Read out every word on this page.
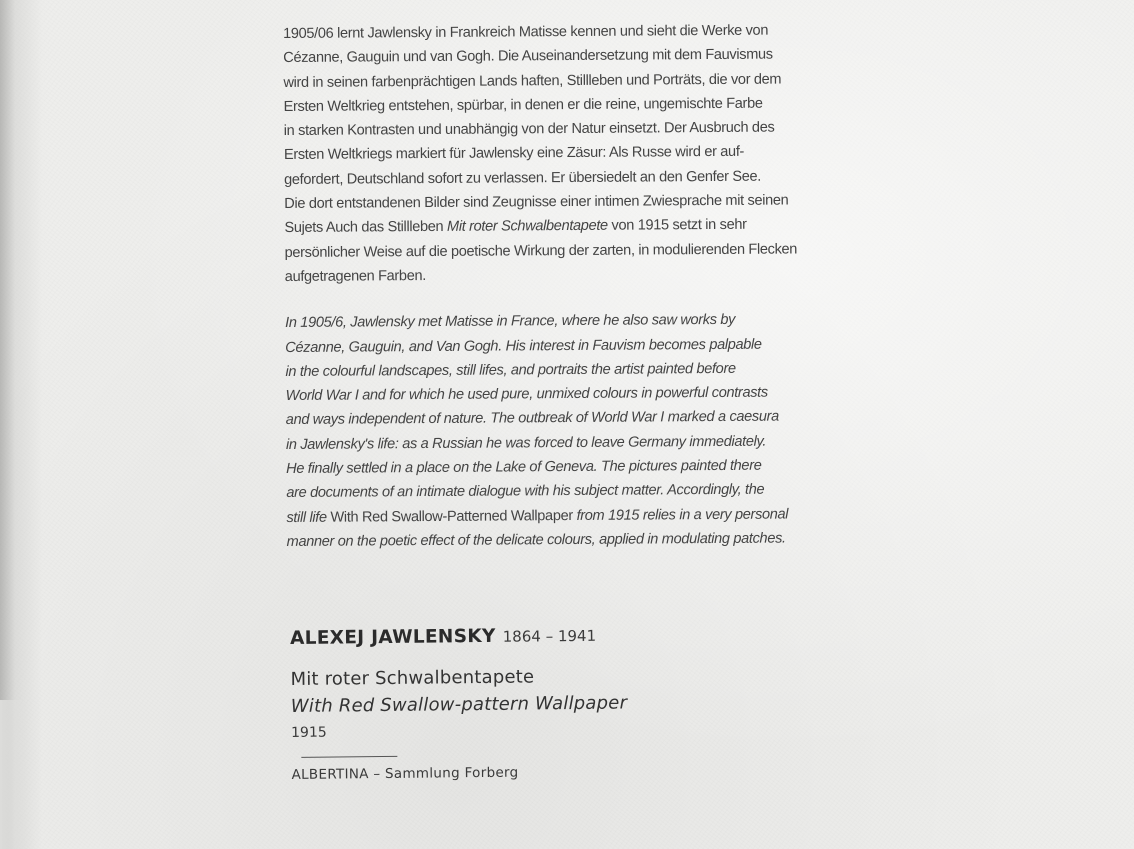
1905/06 lernt Jawlensky in Frankreich Matisse kennen und sieht die Werke von
Cézanne, Gauguin und van Gogh. Die Auseinandersetzung mit dem Fauvismus
wird in seinen farbenprächtigen Lands haften, Stillleben und Porträts, die vor dem
Ersten Weltkrieg entstehen, spürbar, in denen er die reine, ungemischte Farbe
in starken Kontrasten und unabhängig von der Natur einsetzt. Der Ausbruch des
Ersten Weltkriegs markiert für Jawlensky eine Zäsur: Als Russe wird er auf-
gefordert, Deutschland sofort zu verlassen. Er übersiedelt an den Genfer See.
Die dort entstandenen Bilder sind Zeugnisse einer intimen Zwiesprache mit seinen
Sujets Auch das Stillleben Mit roter Schwalbentapete von 1915 setzt in sehr
persönlicher Weise auf die poetische Wirkung der zarten, in modulierenden Flecken
aufgetragenen Farben.
In 1905/6, Jawlensky met Matisse in France, where he also saw works by
Cézanne, Gauguin, and Van Gogh. His interest in Fauvism becomes palpable
in the colourful landscapes, still lifes, and portraits the artist painted before
World War I and for which he used pure, unmixed colours in powerful contrasts
and ways independent of nature. The outbreak of World War I marked a caesura
in Jawlensky's life: as a Russian he was forced to leave Germany immediately.
He finally settled in a place on the Lake of Geneva. The pictures painted there
are documents of an intimate dialogue with his subject matter. Accordingly, the
still life With Red Swallow-Patterned Wallpaper from 1915 relies in a very personal
manner on the poetic effect of the delicate colours, applied in modulating patches.
ALEXEJ JAWLENSKY 1864 – 1941
Mit roter Schwalbentapete
With Red Swallow-pattern Wallpaper
1915
ALBERTINA – Sammlung Forberg
